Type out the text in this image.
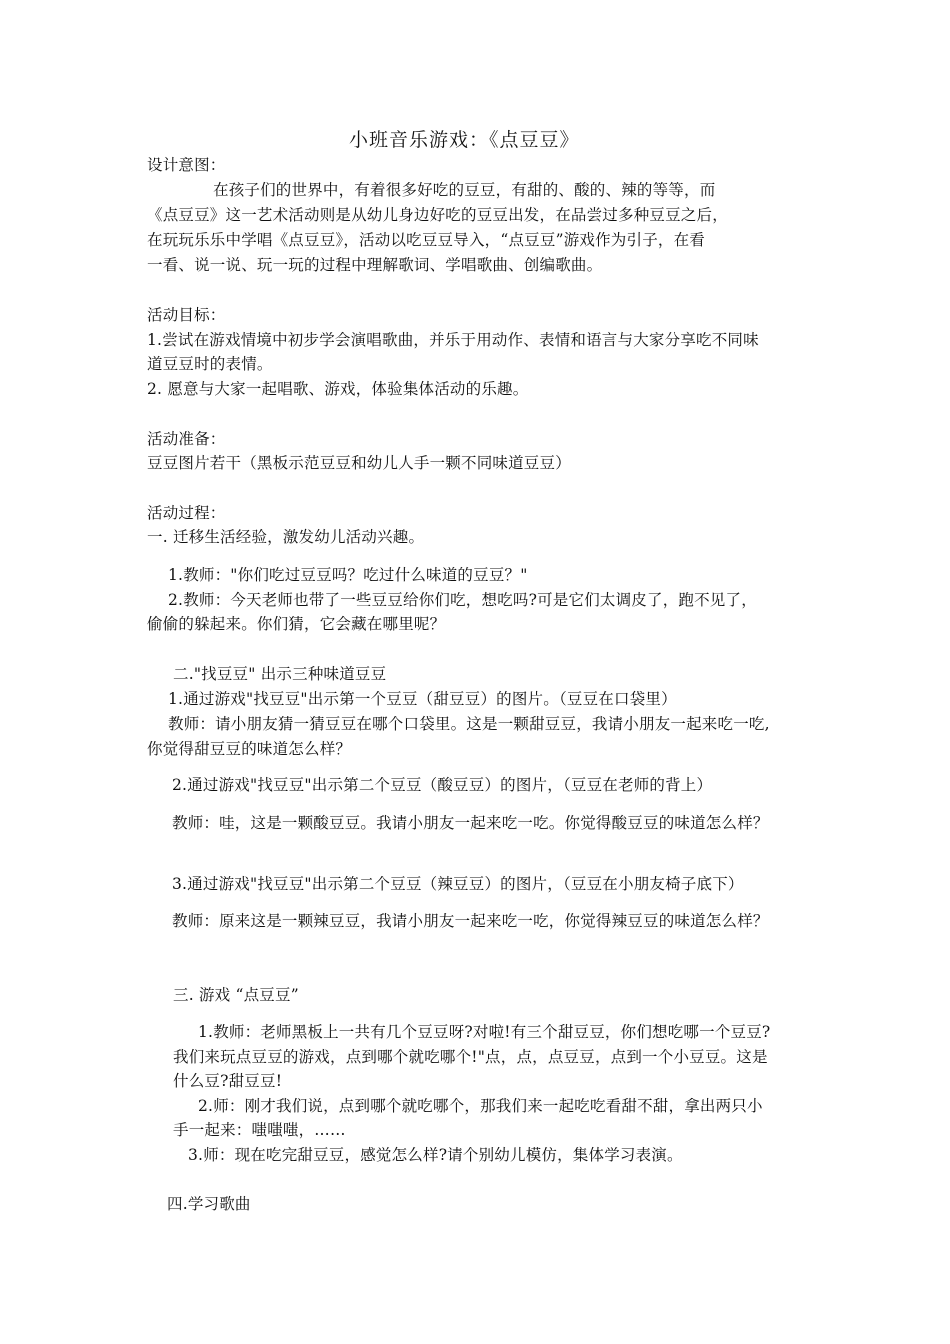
小班音乐游戏：《点豆豆》
设计意图：
在孩子们的世界中，有着很多好吃的豆豆，有甜的、酸的、辣的等等，而
《点豆豆》这一艺术活动则是从幼儿身边好吃的豆豆出发，在品尝过多种豆豆之后，
在玩玩乐乐中学唱《点豆豆》，活动以吃豆豆导入，“点豆豆”游戏作为引子，在看
一看、说一说、玩一玩的过程中理解歌词、学唱歌曲、创编歌曲。
活动目标：
1.尝试在游戏情境中初步学会演唱歌曲，并乐于用动作、表情和语言与大家分享吃不同味
道豆豆时的表情。
2. 愿意与大家一起唱歌、游戏，体验集体活动的乐趣。
活动准备：
豆豆图片若干（黑板示范豆豆和幼儿人手一颗不同味道豆豆）
活动过程：
一. 迁移生活经验，激发幼儿活动兴趣。
1.教师："你们吃过豆豆吗？吃过什么味道的豆豆？"
2.教师：今天老师也带了一些豆豆给你们吃，想吃吗?可是它们太调皮了，跑不见了，
偷偷的躲起来。你们猜，它会藏在哪里呢？
二."找豆豆" 出示三种味道豆豆
1.通过游戏"找豆豆"出示第一个豆豆（甜豆豆）的图片。（豆豆在口袋里）
教师：请小朋友猜一猜豆豆在哪个口袋里。这是一颗甜豆豆，我请小朋友一起来吃一吃,
你觉得甜豆豆的味道怎么样？
2.通过游戏"找豆豆"出示第二个豆豆（酸豆豆）的图片，（豆豆在老师的背上）
教师：哇，这是一颗酸豆豆。我请小朋友一起来吃一吃。你觉得酸豆豆的味道怎么样？
3.通过游戏"找豆豆"出示第二个豆豆（辣豆豆）的图片，（豆豆在小朋友椅子底下）
教师：原来这是一颗辣豆豆，我请小朋友一起来吃一吃，你觉得辣豆豆的味道怎么样？
三. 游戏 “点豆豆”
1.教师：老师黑板上一共有几个豆豆呀?对啦!有三个甜豆豆，你们想吃哪一个豆豆?
我们来玩点豆豆的游戏，点到哪个就吃哪个!"点，点，点豆豆，点到一个小豆豆。这是
什么豆?甜豆豆!
2.师：刚才我们说，点到哪个就吃哪个，那我们来一起吃吃看甜不甜，拿出两只小
手一起来：嗤嗤嗤，……
3.师：现在吃完甜豆豆，感觉怎么样?请个别幼儿模仿，集体学习表演。
四.学习歌曲
